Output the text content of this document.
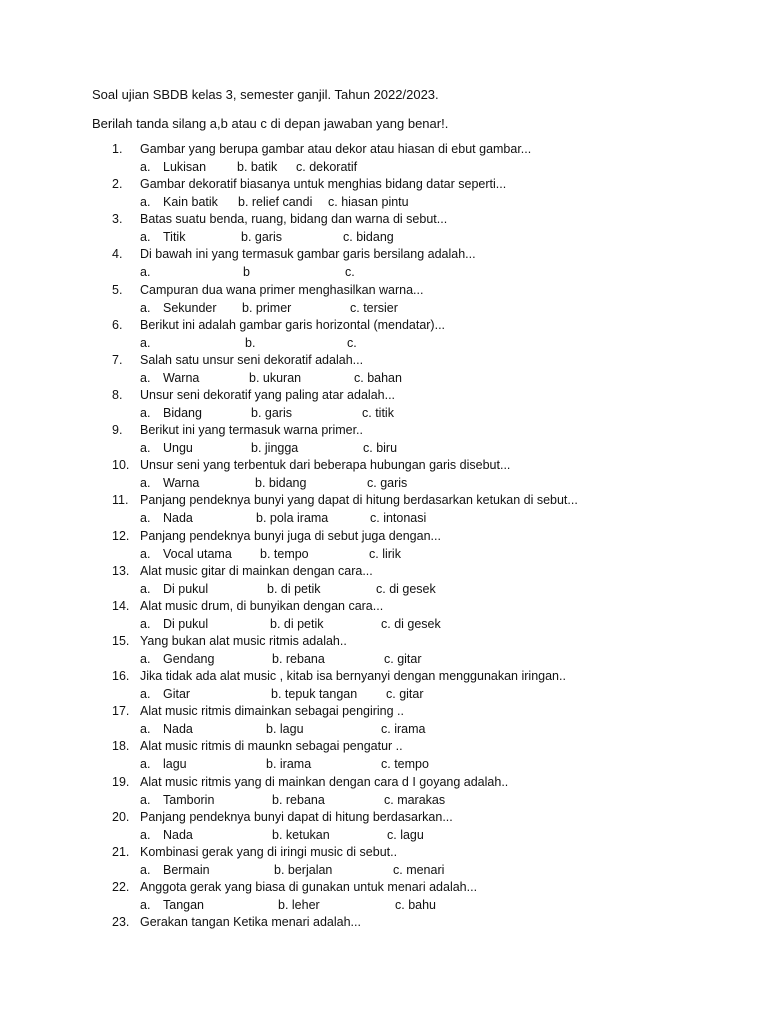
Soal ujian SBDB kelas 3, semester ganjil. Tahun 2022/2023.
Berilah tanda silang a,b atau c di depan jawaban yang benar!.
1.	Gambar yang berupa gambar atau dekor atau hiasan di ebut gambar...
a. Lukisan b. batik c. dekoratif
2.	Gambar dekoratif biasanya untuk menghias bidang datar seperti...
a. Kain batik b. relief candi c. hiasan pintu
3.	Batas suatu benda, ruang, bidang dan warna di sebut...
a. Titik	b. garis	c. bidang
4.	Di bawah ini yang termasuk gambar garis bersilang adalah...
a.	b	c.
5.	Campuran dua wana primer menghasilkan warna...
a. Sekunder b. primer	c. tersier
6.	Berikut ini adalah gambar garis horizontal (mendatar)...
a.	b.	c.
7.	Salah satu unsur seni dekoratif adalah...
a. Warna	b. ukuran	c. bahan
8.	Unsur seni dekoratif yang paling atar adalah...
a. Bidang	b. garis	c. titik
9.	Berikut ini yang termasuk warna primer..
a. Ungu	b. jingga	c. biru
10. Unsur seni yang terbentuk dari beberapa hubungan garis disebut...
a. Warna	b. bidang	c. garis
11. Panjang pendeknya bunyi yang dapat di hitung berdasarkan ketukan di sebut...
a. Nada	b. pola irama	c. intonasi
12. Panjang pendeknya bunyi juga di sebut juga dengan...
a. Vocal utama b. tempo	c. lirik
13. Alat music gitar di mainkan dengan cara...
a. Di pukul	b. di petik	c. di gesek
14. Alat music drum, di bunyikan dengan cara...
a. Di pukul	b. di petik	c. di gesek
15. Yang bukan alat music ritmis adalah..
a. Gendang	b. rebana	c. gitar
16. Jika tidak ada alat music , kitab isa bernyanyi dengan menggunakan iringan..
a. Gitar	b. tepuk tangan c. gitar
17. Alat music ritmis dimainkan sebagai pengiring ..
a. Nada	b. lagu	c. irama
18. Alat music ritmis di maunkn sebagai pengatur ..
a. lagu	b. irama	c. tempo
19. Alat music ritmis yang di mainkan dengan cara d I goyang adalah..
a. Tamborin	b. rebana	c. marakas
20. Panjang pendeknya bunyi dapat di hitung berdasarkan...
a. Nada	b. ketukan	c. lagu
21. Kombinasi gerak yang di iringi music di sebut..
a. Bermain	b. berjalan	c. menari
22. Anggota gerak yang biasa di gunakan untuk menari adalah...
a. Tangan	b. leher	c. bahu
23. Gerakan tangan Ketika menari adalah...
